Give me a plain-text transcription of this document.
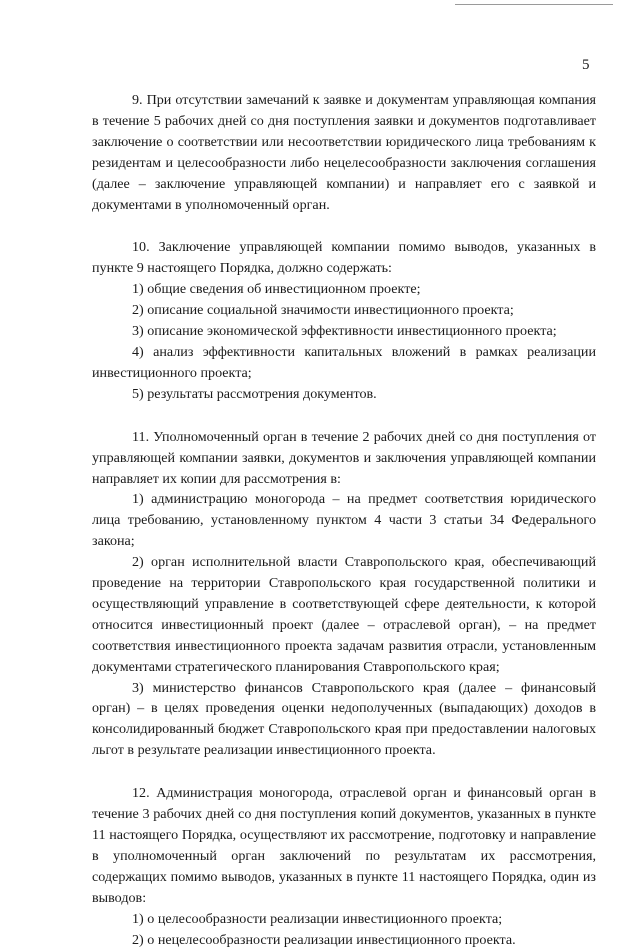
5

9. При отсутствии замечаний к заявке и документам управляющая компания в течение 5 рабочих дней со дня поступления заявки и документов подготавливает заключение о соответствии или несоответствии юридического лица требованиям к резидентам и целесообразности либо нецелесообразности заключения соглашения (далее – заключение управляющей компании) и направляет его с заявкой и документами в уполномоченный орган.

10. Заключение управляющей компании помимо выводов, указанных в пункте 9 настоящего Порядка, должно содержать:

1) общие сведения об инвестиционном проекте;

2) описание социальной значимости инвестиционного проекта;

3) описание экономической эффективности инвестиционного проекта;

4) анализ эффективности капитальных вложений в рамках реализации инвестиционного проекта;

5) результаты рассмотрения документов.

11. Уполномоченный орган в течение 2 рабочих дней со дня поступления от управляющей компании заявки, документов и заключения управляющей компании направляет их копии для рассмотрения в:

1) администрацию моногорода – на предмет соответствия юридического лица требованию, установленному пунктом 4 части 3 статьи 34 Федерального закона;

2) орган исполнительной власти Ставропольского края, обеспечивающий проведение на территории Ставропольского края государственной политики и осуществляющий управление в соответствующей сфере деятельности, к которой относится инвестиционный проект (далее – отраслевой орган), – на предмет соответствия инвестиционного проекта задачам развития отрасли, установленным документами стратегического планирования Ставропольского края;

3) министерство финансов Ставропольского края (далее – финансовый орган) – в целях проведения оценки недополученных (выпадающих) доходов в консолидированный бюджет Ставропольского края при предоставлении налоговых льгот в результате реализации инвестиционного проекта.

12. Администрация моногорода, отраслевой орган и финансовый орган в течение 3 рабочих дней со дня поступления копий документов, указанных в пункте 11 настоящего Порядка, осуществляют их рассмотрение, подготовку и направление в уполномоченный орган заключений по результатам их рассмотрения, содержащих помимо выводов, указанных в пункте 11 настоящего Порядка, один из выводов:

1) о целесообразности реализации инвестиционного проекта;

2) о нецелесообразности реализации инвестиционного проекта.
